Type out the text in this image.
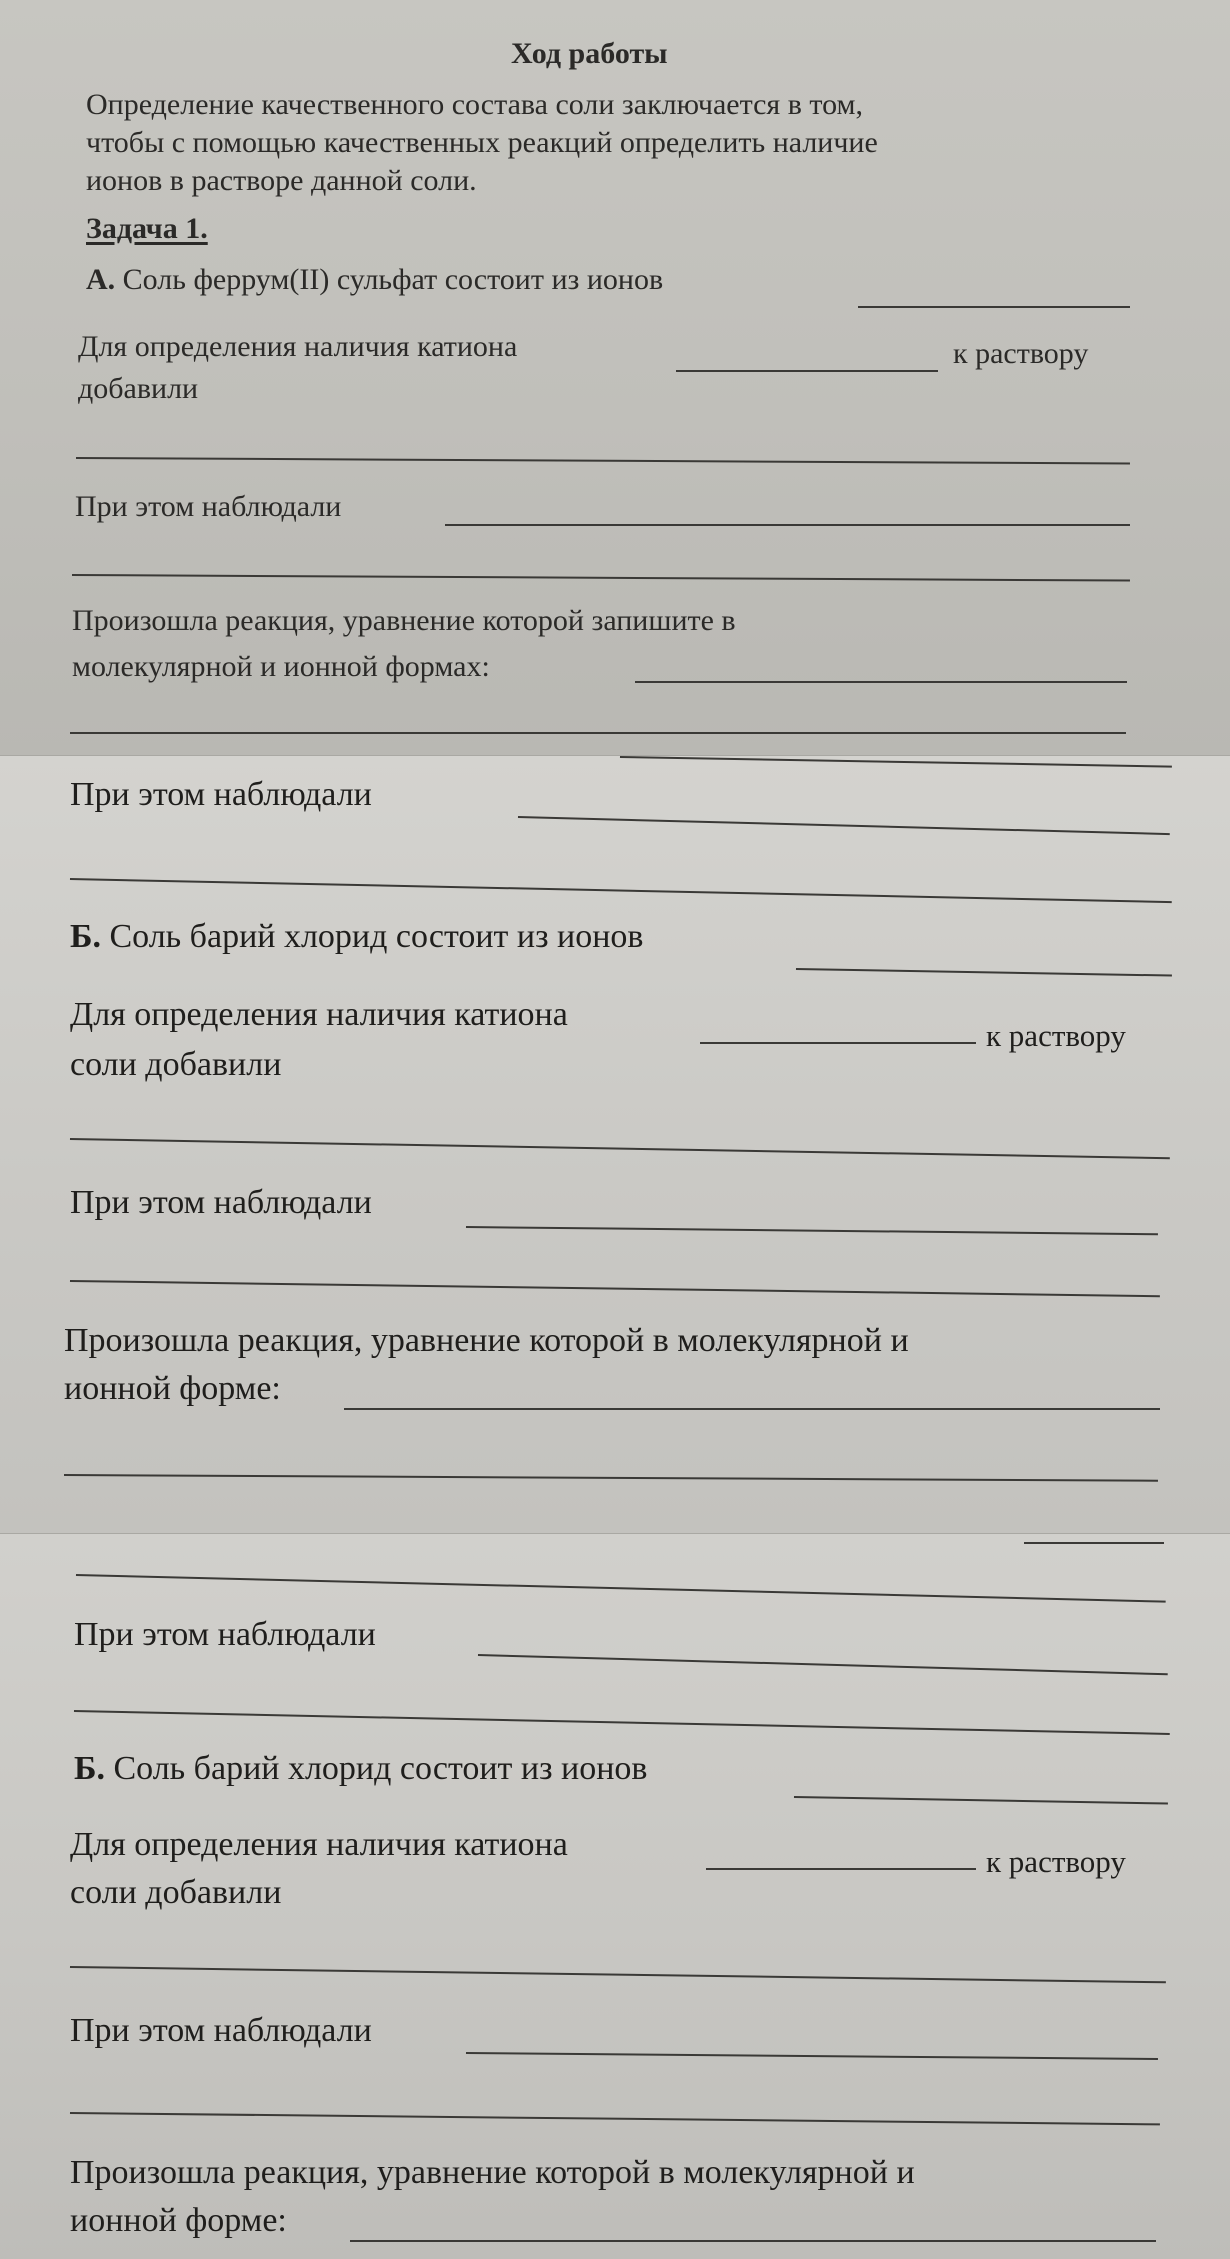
Ход работы
Определение качественного состава соли заключается в том,
чтобы с помощью качественных реакций определить наличие
ионов в растворе данной соли.
Задача 1.
А. Соль феррум(II) сульфат состоит из ионов
Для определения наличия катиона	к раствору
добавили
При этом наблюдали
Произошла реакция, уравнение которой запишите в
молекулярной и ионной формах:
При этом наблюдали
Б. Соль барий хлорид состоит из ионов
Для определения наличия катиона
к раствору
соли добавили
При этом наблюдали
Произошла реакция, уравнение которой в молекулярной и
ионной форме:
При этом наблюдали
Б. Соль барий хлорид состоит из ионов
Для определения наличия катиона	к раствору
соли добавили
При этом наблюдали
Произошла реакция, уравнение которой в молекулярной и
ионной форме:
